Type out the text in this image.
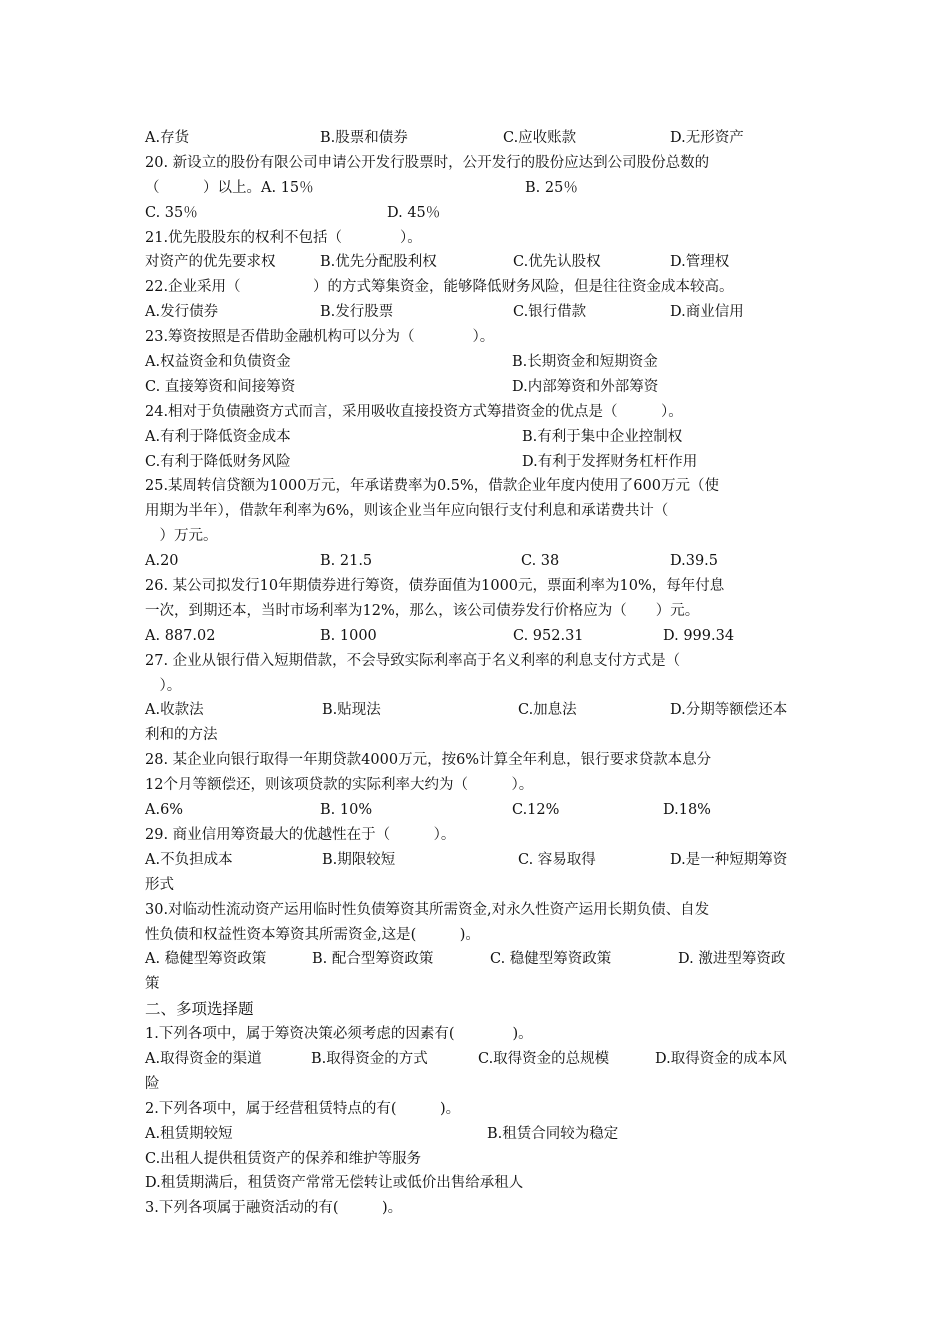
A.存货	B.股票和债券	C.应收账款	D.无形资产
20. 新设立的股份有限公司申请公开发行股票时，公开发行的股份应达到公司股份总数的
（　　　）以上。A. 15％	B. 25％
C. 35％	D. 45％
21.优先股股东的权利不包括（　　　　）。
对资产的优先要求权	B.优先分配股利权	C.优先认股权	D.管理权
22.企业采用（　　　　　）的方式筹集资金，能够降低财务风险，但是往往资金成本较高。
A.发行债券	B.发行股票	C.银行借款	D.商业信用
23.筹资按照是否借助金融机构可以分为（　　　　）。
A.权益资金和负债资金	B.长期资金和短期资金
C. 直接筹资和间接筹资	D.内部筹资和外部筹资
24.相对于负债融资方式而言，采用吸收直接投资方式筹措资金的优点是（　　　）。
A.有利于降低资金成本	B.有利于集中企业控制权
C.有利于降低财务风险	D.有利于发挥财务杠杆作用
25.某周转信贷额为1000万元，年承诺费率为0.5%，借款企业年度内使用了600万元（使
用期为半年），借款年利率为6%，则该企业当年应向银行支付利息和承诺费共计（
　）万元。
A.20	B. 21.5	C. 38	D.39.5
26. 某公司拟发行10年期债券进行筹资，债券面值为1000元，票面利率为10%，每年付息
一次，到期还本，当时市场利率为12%，那么，该公司债券发行价格应为（　　）元。
A. 887.02	B. 1000	C. 952.31	D. 999.34
27. 企业从银行借入短期借款，不会导致实际利率高于名义利率的利息支付方式是（
　）。
A.收款法	B.贴现法	C.加息法	D.分期等额偿还本
利和的方法
28. 某企业向银行取得一年期贷款4000万元，按6%计算全年利息，银行要求贷款本息分
12个月等额偿还，则该项贷款的实际利率大约为（　　　）。
A.6%	B. 10%	C.12%	D.18%
29. 商业信用筹资最大的优越性在于（　　　）。
A.不负担成本	B.期限较短	C. 容易取得	D.是一种短期筹资
形式
30.对临动性流动资产运用临时性负债筹资其所需资金,对永久性资产运用长期负债、自发
性负债和权益性资本筹资其所需资金,这是(　　　)。
A. 稳健型筹资政策	B. 配合型筹资政策	C. 稳健型筹资政策	D. 激进型筹资政
策
二、多项选择题
1.下列各项中，属于筹资决策必须考虑的因素有(　　　　)。
A.取得资金的渠道	B.取得资金的方式	C.取得资金的总规模	D.取得资金的成本风
险
2.下列各项中，属于经营租赁特点的有(　　　)。
A.租赁期较短	B.租赁合同较为稳定
C.出租人提供租赁资产的保养和维护等服务
D.租赁期满后，租赁资产常常无偿转让或低价出售给承租人
3.下列各项属于融资活动的有(　　　)。
